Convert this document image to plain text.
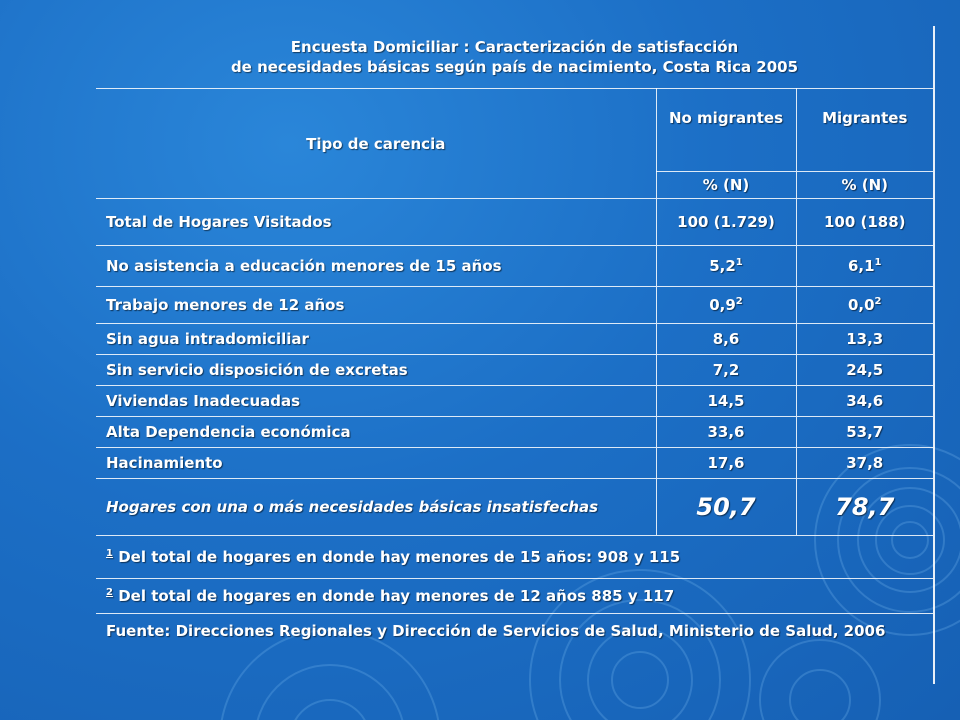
Encuesta Domiciliar : Caracterización de satisfacción
de necesidades básicas según país de nacimiento, Costa Rica 2005		

Tipo de carencia	No migrantes	Migrantes
	% (N)	% (N)
Total de Hogares Visitados	100 (1.729)	100 (188)
No asistencia a educación menores de 15 años	$5,2^1$	$6,1^1$
Trabajo menores de 12 años	$0,9^2$	$0,0^2$
Sin agua intradomiciliar	8,6	13,3
Sin servicio disposición de excretas	7,2	24,5
Viviendas Inadecuadas	14,5	34,6
Alta Dependencia económica	33,6	53,7
Hacinamiento	17,6	37,8
Hogares con una o más necesidades básicas insatisfechas	50,7	78,7
$^1$ Del total de hogares en donde hay menores de 15 años: 908 y 115		
$^2$ Del total de hogares en donde hay menores de 12 años 885 y 117		
Fuente: Direcciones Regionales y Dirección de Servicios de Salud, Ministerio de Salud, 2006		
